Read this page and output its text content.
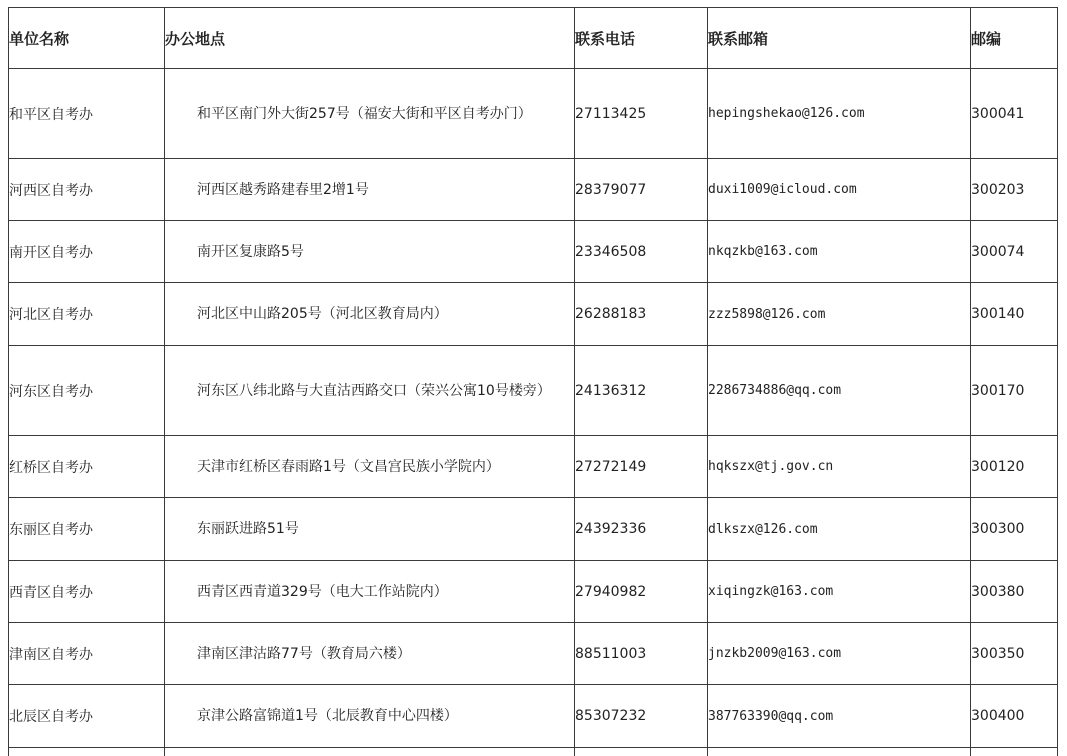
单位名称	办公地点	联系电话	联系邮箱	邮编
和平区自考办	和平区南门外大街257号（福安大街和平区自考办门）	27113425	hepingshekao@126.com	300041
河西区自考办	河西区越秀路建春里2增1号	28379077	duxi1009@icloud.com	300203
南开区自考办	南开区复康路5号	23346508	nkqzkb@163.com	300074
河北区自考办	河北区中山路205号（河北区教育局内）	26288183	zzz5898@126.com	300140
河东区自考办	河东区八纬北路与大直沽西路交口（荣兴公寓10号楼旁）	24136312	2286734886@qq.com	300170
红桥区自考办	天津市红桥区春雨路1号（文昌宫民族小学院内）	27272149	hqkszx@tj.gov.cn	300120
东丽区自考办	东丽跃进路51号	24392336	dlkszx@126.com	300300
西青区自考办	西青区西青道329号（电大工作站院内）	27940982	xiqingzk@163.com	300380
津南区自考办	津南区津沽路77号（教育局六楼）	88511003	jnzkb2009@163.com	300350
北辰区自考办	京津公路富锦道1号（北辰教育中心四楼）	85307232	387763390@qq.com	300400
